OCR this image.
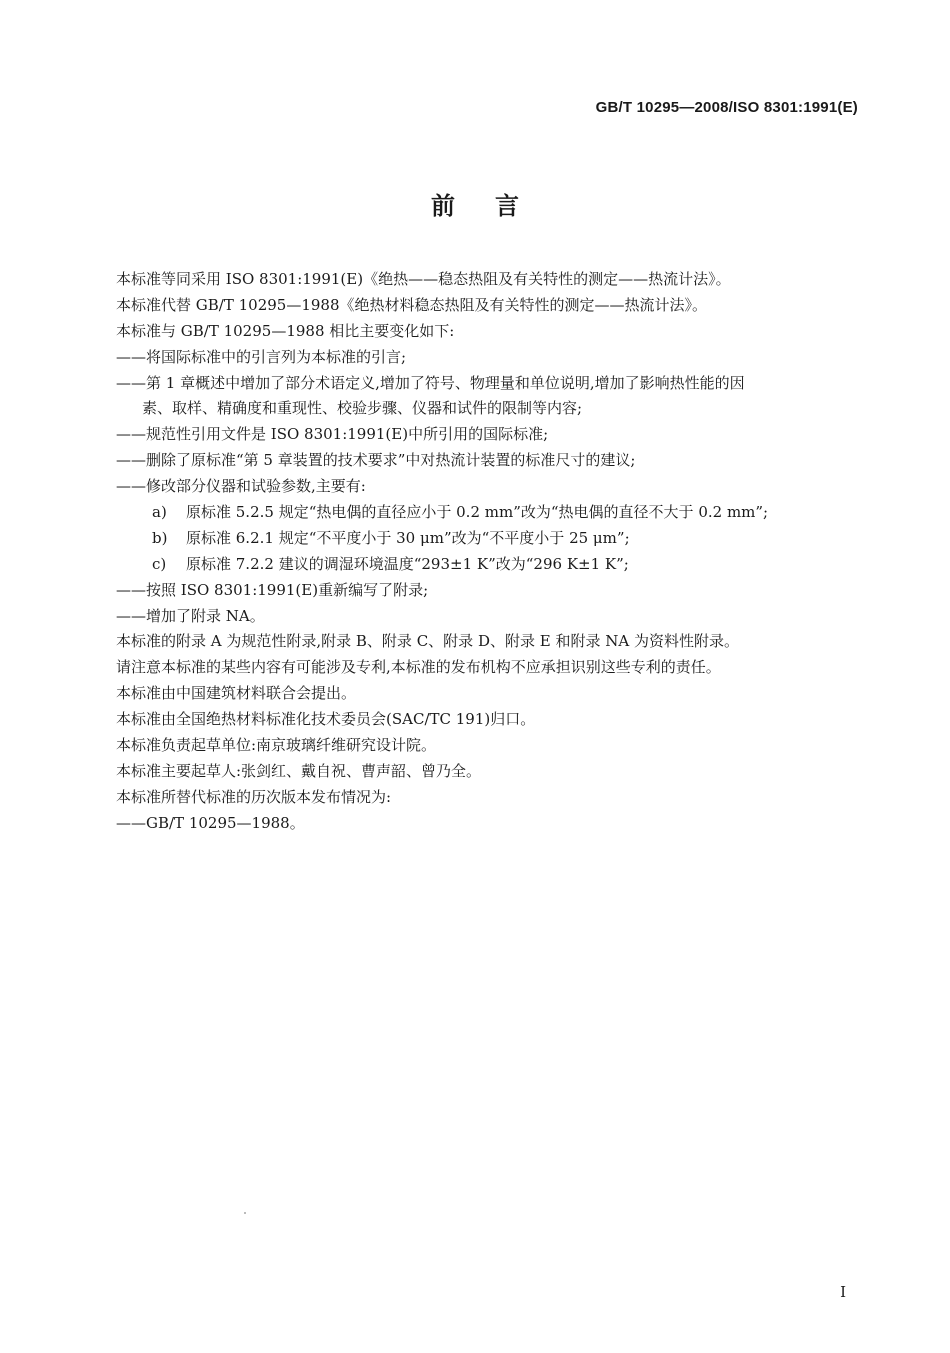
GB/T 10295—2008/ISO 8301:1991(E)
前言
本标准等同采用 ISO 8301:1991(E)《绝热——稳态热阻及有关特性的测定——热流计法》。
本标准代替 GB/T 10295—1988《绝热材料稳态热阻及有关特性的测定——热流计法》。
本标准与 GB/T 10295—1988 相比主要变化如下:
——将国际标准中的引言列为本标准的引言;
——第 1 章概述中增加了部分术语定义,增加了符号、物理量和单位说明,增加了影响热性能的因
素、取样、精确度和重现性、校验步骤、仪器和试件的限制等内容;
——规范性引用文件是 ISO 8301:1991(E)中所引用的国际标准;
——删除了原标准“第 5 章装置的技术要求”中对热流计装置的标准尺寸的建议;
——修改部分仪器和试验参数,主要有:
a) 原标准 5.2.5 规定“热电偶的直径应小于 0.2 mm”改为“热电偶的直径不大于 0.2 mm”;
b) 原标准 6.2.1 规定“不平度小于 30 μm”改为“不平度小于 25 μm”;
c) 原标准 7.2.2 建议的调湿环境温度“293±1 K”改为“296 K±1 K”;
——按照 ISO 8301:1991(E)重新编写了附录;
——增加了附录 NA。
本标准的附录 A 为规范性附录,附录 B、附录 C、附录 D、附录 E 和附录 NA 为资料性附录。
请注意本标准的某些内容有可能涉及专利,本标准的发布机构不应承担识别这些专利的责任。
本标准由中国建筑材料联合会提出。
本标准由全国绝热材料标准化技术委员会(SAC/TC 191)归口。
本标准负责起草单位:南京玻璃纤维研究设计院。
本标准主要起草人:张剑红、戴自祝、曹声韶、曾乃全。
本标准所替代标准的历次版本发布情况为:
——GB/T 10295—1988。
I
